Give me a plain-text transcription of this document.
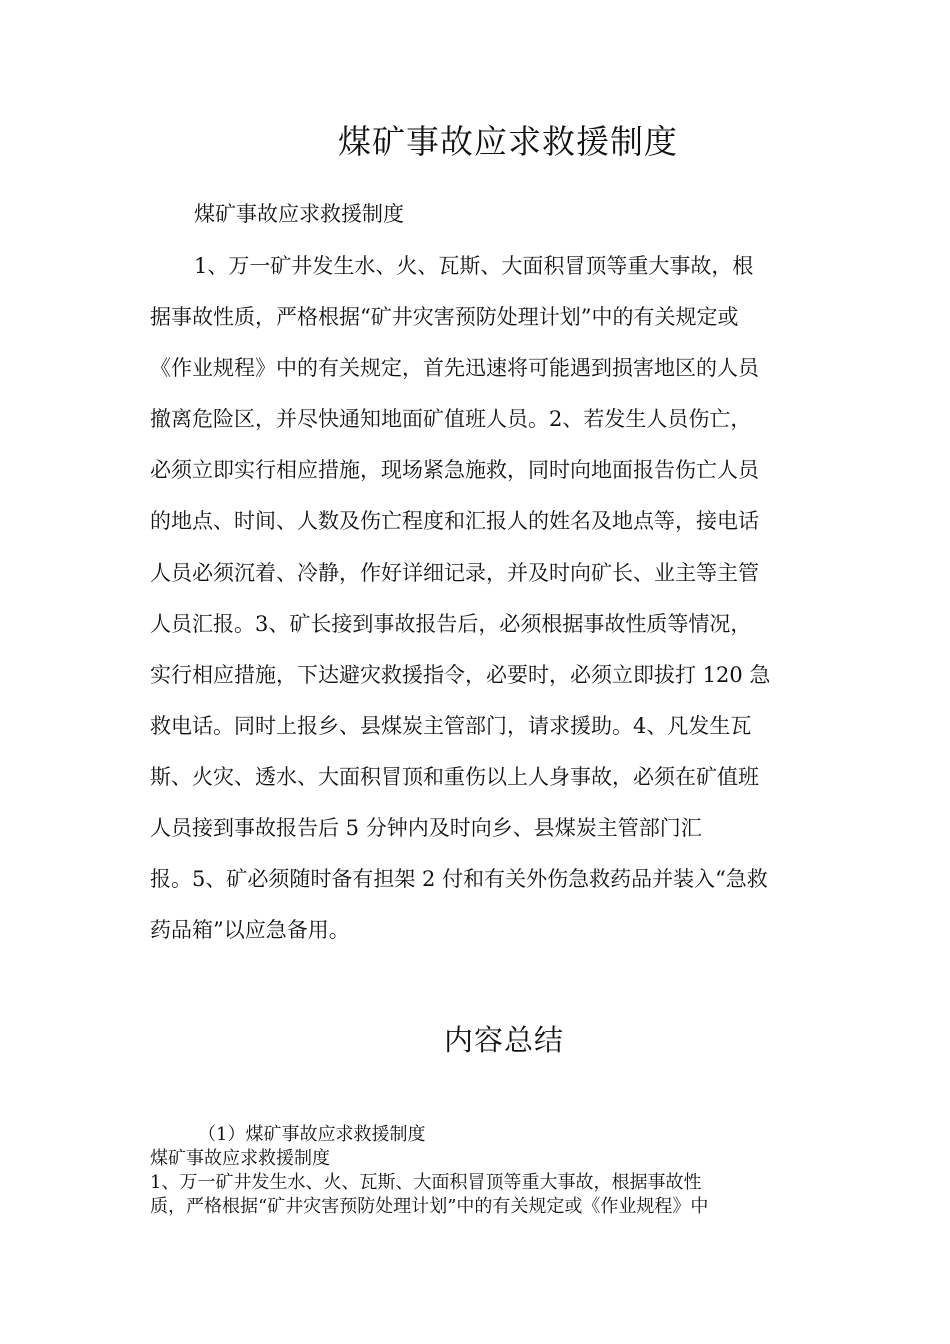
煤矿事故应求救援制度

煤矿事故应求救援制度

1、万一矿井发生水、火、瓦斯、大面积冒顶等重大事故，根
据事故性质，严格根据“矿井灾害预防处理计划”中的有关规定或
《作业规程》中的有关规定，首先迅速将可能遇到损害地区的人员
撤离危险区，并尽快通知地面矿值班人员。2、若发生人员伤亡，
必须立即实行相应措施，现场紧急施救，同时向地面报告伤亡人员
的地点、时间、人数及伤亡程度和汇报人的姓名及地点等，接电话
人员必须沉着、冷静，作好详细记录，并及时向矿长、业主等主管
人员汇报。3、矿长接到事故报告后，必须根据事故性质等情况，
实行相应措施，下达避灾救援指令，必要时，必须立即拔打 120 急
救电话。同时上报乡、县煤炭主管部门，请求援助。4、凡发生瓦
斯、火灾、透水、大面积冒顶和重伤以上人身事故，必须在矿值班
人员接到事故报告后 5 分钟内及时向乡、县煤炭主管部门汇
报。5、矿必须随时备有担架 2 付和有关外伤急救药品并装入“急救
药品箱”以应急备用。
内容总结
（1）煤矿事故应求救援制度
煤矿事故应求救援制度
1、万一矿井发生水、火、瓦斯、大面积冒顶等重大事故，根据事故性
质，严格根据“矿井灾害预防处理计划”中的有关规定或《作业规程》中
